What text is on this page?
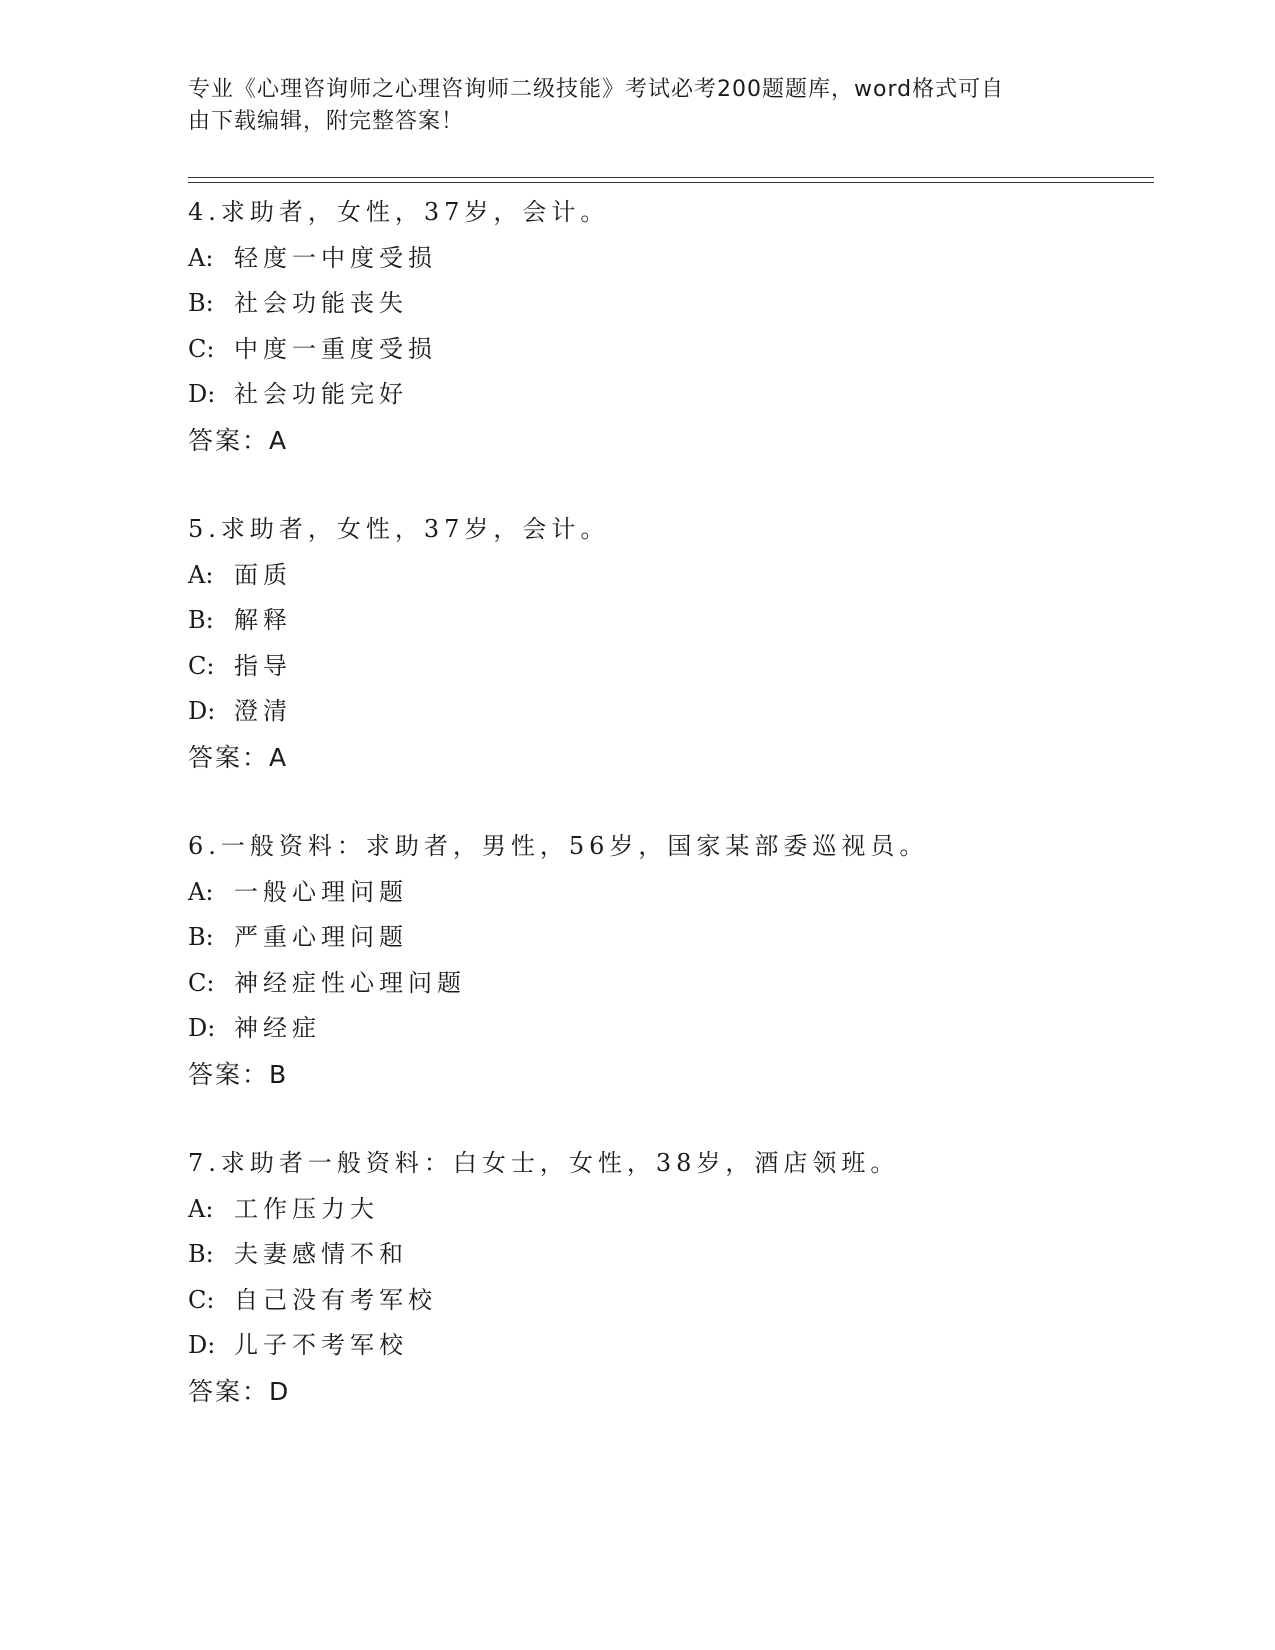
专业《心理咨询师之心理咨询师二级技能》考试必考200题题库，word格式可自
由下载编辑，附完整答案！
4.求助者，女性，37岁，会计。
A: 轻度一中度受损
B: 社会功能丧失
C: 中度一重度受损
D: 社会功能完好
答案：A
5.求助者，女性，37岁，会计。
A: 面质
B: 解释
C: 指导
D: 澄清
答案：A
6.一般资料：求助者，男性，56岁，国家某部委巡视员。
A: 一般心理问题
B: 严重心理问题
C: 神经症性心理问题
D: 神经症
答案：B
7.求助者一般资料：白女士，女性，38岁，酒店领班。
A: 工作压力大
B: 夫妻感情不和
C: 自己没有考军校
D: 儿子不考军校
答案：D
